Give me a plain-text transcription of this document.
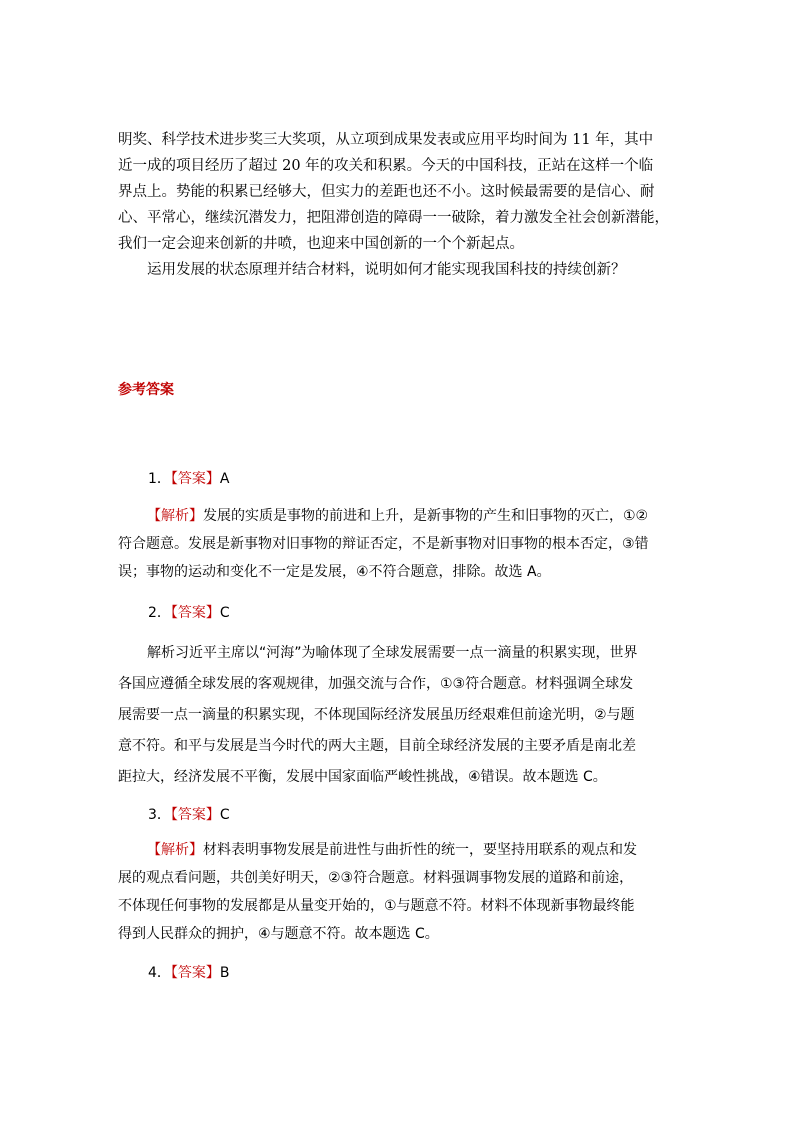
明奖、科学技术进步奖三大奖项，从立项到成果发表或应用平均时间为 11 年，其中
近一成的项目经历了超过 20 年的攻关和积累。今天的中国科技，正站在这样一个临
界点上。势能的积累已经够大，但实力的差距也还不小。这时候最需要的是信心、耐
心、平常心，继续沉潜发力，把阻滞创造的障碍一一破除，着力激发全社会创新潜能，
我们一定会迎来创新的井喷，也迎来中国创新的一个个新起点。
运用发展的状态原理并结合材料，说明如何才能实现我国科技的持续创新？
参考答案
1．【答案】A
【解析】发展的实质是事物的前进和上升，是新事物的产生和旧事物的灭亡，①②
符合题意。发展是新事物对旧事物的辩证否定，不是新事物对旧事物的根本否定，③错
误；事物的运动和变化不一定是发展，④不符合题意，排除。故选 A。
2．【答案】C
解析习近平主席以“河海”为喻体现了全球发展需要一点一滴量的积累实现，世界
各国应遵循全球发展的客观规律，加强交流与合作，①③符合题意。材料强调全球发
展需要一点一滴量的积累实现，不体现国际经济发展虽历经艰难但前途光明，②与题
意不符。和平与发展是当今时代的两大主题，目前全球经济发展的主要矛盾是南北差
距拉大，经济发展不平衡，发展中国家面临严峻性挑战，④错误。故本题选 C。
3．【答案】C
【解析】材料表明事物发展是前进性与曲折性的统一，要坚持用联系的观点和发
展的观点看问题，共创美好明天，②③符合题意。材料强调事物发展的道路和前途，
不体现任何事物的发展都是从量变开始的，①与题意不符。材料不体现新事物最终能
得到人民群众的拥护，④与题意不符。故本题选 C。
4．【答案】B
